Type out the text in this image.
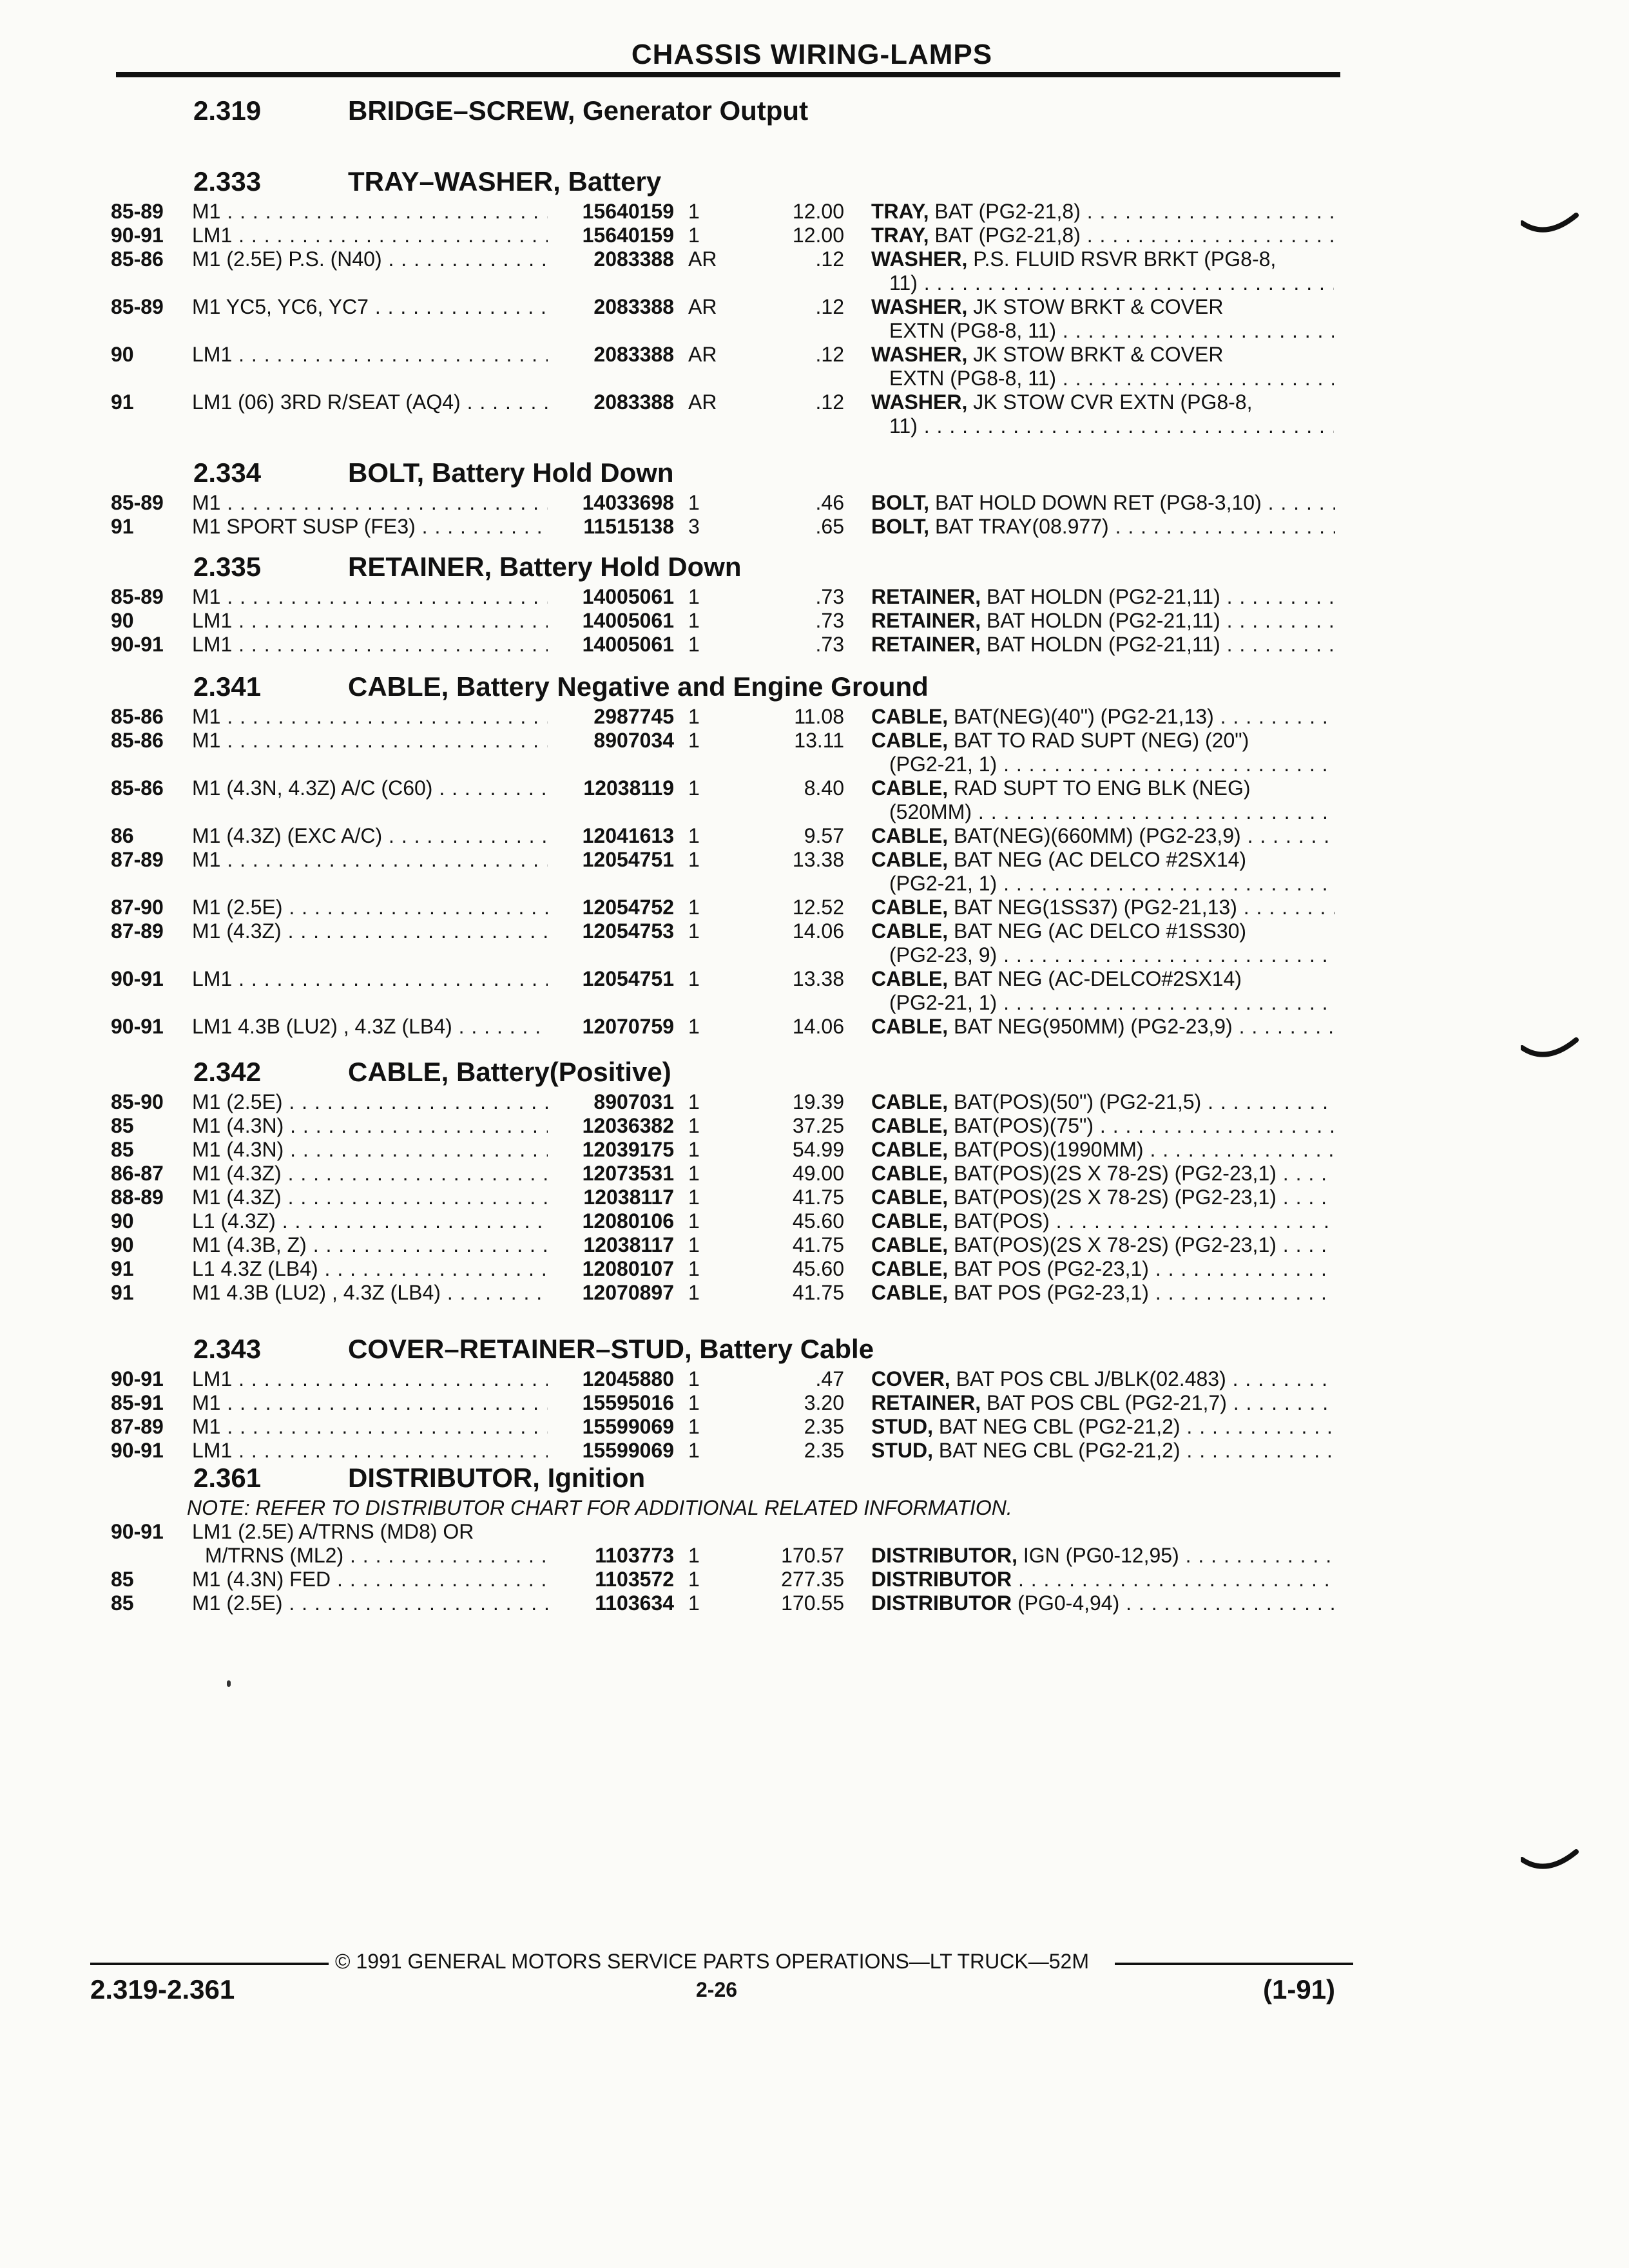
CHASSIS WIRING-LAMPS
2.319	BRIDGE–SCREW, Generator Output
2.333	TRAY–WASHER, Battery
85-89	M1 . . .	15640159 1	12.00 TRAY, BAT (PG2-21,8) . . .
90-91	LM1 . . .	15640159 1	12.00 TRAY, BAT (PG2-21,8) . . .
85-86	M1 (2.5E) P.S. (N40) . . .	2083388 AR	.12 WASHER, P.S. FLUID RSVR BRKT (PG8-8,
11) . . .
85-89	M1 YC5, YC6, YC7 . . .	2083388 AR	.12 WASHER, JK STOW BRKT & COVER
EXTN (PG8-8, 11) . . .
90	LM1 . . .	2083388 AR	.12 WASHER, JK STOW BRKT & COVER
EXTN (PG8-8, 11) . . .
91	LM1 (06) 3RD R/SEAT (AQ4) . . .	2083388 AR	.12 WASHER, JK STOW CVR EXTN (PG8-8,
11) . . .
2.334	BOLT, Battery Hold Down
85-89	M1 . . .	14033698 1	.46 BOLT, BAT HOLD DOWN RET (PG8-3,10) . . .
91	M1 SPORT SUSP (FE3) . . .	11515138 3	.65 BOLT, BAT TRAY(08.977) . . .
2.335	RETAINER, Battery Hold Down
85-89	M1 . . .	14005061 1	.73 RETAINER, BAT HOLDN (PG2-21,11) . . .
90	LM1 . . .	14005061 1	.73 RETAINER, BAT HOLDN (PG2-21,11) . . .
90-91	LM1 . . .	14005061 1	.73 RETAINER, BAT HOLDN (PG2-21,11) . . .
2.341	CABLE, Battery Negative and Engine Ground
85-86	M1 . . .	2987745 1	11.08 CABLE, BAT(NEG)(40") (PG2-21,13) . . .
85-86	M1 . . .	8907034 1	13.11 CABLE, BAT TO RAD SUPT (NEG) (20")
(PG2-21, 1) . . .
85-86	M1 (4.3N, 4.3Z) A/C (C60) . . .	12038119 1	8.40 CABLE, RAD SUPT TO ENG BLK (NEG)
(520MM) . . .
86	M1 (4.3Z) (EXC A/C) . . .	12041613 1	9.57 CABLE, BAT(NEG)(660MM) (PG2-23,9) . . .
87-89	M1 . . .	12054751 1	13.38 CABLE, BAT NEG (AC DELCO #2SX14)
(PG2-21, 1) . . .
87-90	M1 (2.5E) . . .	12054752 1	12.52 CABLE, BAT NEG(1SS37) (PG2-21,13) . . .
87-89	M1 (4.3Z) . . .	12054753 1	14.06 CABLE, BAT NEG (AC DELCO #1SS30)
(PG2-23, 9) . . .
90-91	LM1 . . .	12054751 1	13.38 CABLE, BAT NEG (AC-DELCO#2SX14)
(PG2-21, 1) . . .
90-91	LM1 4.3B (LU2) , 4.3Z (LB4) . . .	12070759 1	14.06 CABLE, BAT NEG(950MM) (PG2-23,9) . . .
2.342	CABLE, Battery(Positive)
85-90	M1 (2.5E) . . .	8907031 1	19.39 CABLE, BAT(POS)(50") (PG2-21,5) . . .
85	M1 (4.3N) . . .	12036382 1	37.25 CABLE, BAT(POS)(75") . . .
85	M1 (4.3N) . . .	12039175 1	54.99 CABLE, BAT(POS)(1990MM) . . .
86-87	M1 (4.3Z) . . .	12073531 1	49.00 CABLE, BAT(POS)(2S X 78-2S) (PG2-23,1) . . .
88-89	M1 (4.3Z) . . .	12038117 1	41.75 CABLE, BAT(POS)(2S X 78-2S) (PG2-23,1) . . .
90	L1 (4.3Z) . . .	12080106 1	45.60 CABLE, BAT(POS) . . .
90	M1 (4.3B, Z) . . .	12038117 1	41.75 CABLE, BAT(POS)(2S X 78-2S) (PG2-23,1) . . .
91	L1 4.3Z (LB4) . . .	12080107 1	45.60 CABLE, BAT POS (PG2-23,1) . . .
91	M1 4.3B (LU2) , 4.3Z (LB4) . . .	12070897 1	41.75 CABLE, BAT POS (PG2-23,1) . . .
2.343	COVER–RETAINER–STUD, Battery Cable
90-91	LM1 . . .	12045880 1	.47 COVER, BAT POS CBL J/BLK(02.483) . . .
85-91	M1 . . .	15595016 1	3.20 RETAINER, BAT POS CBL (PG2-21,7) . . .
87-89	M1 . . .	15599069 1	2.35 STUD, BAT NEG CBL (PG2-21,2) . . .
90-91	LM1 . . .	15599069 1	2.35 STUD, BAT NEG CBL (PG2-21,2) . . .
2.361	DISTRIBUTOR, Ignition
NOTE: REFER TO DISTRIBUTOR CHART FOR ADDITIONAL RELATED INFORMATION.
90-91	LM1 (2.5E) A/TRNS (MD8) OR
M/TRNS (ML2) . . .	1103773 1	170.57 DISTRIBUTOR, IGN (PG0-12,95) . . .
85	M1 (4.3N) FED . . .	1103572 1	277.35 DISTRIBUTOR . . .
85	M1 (2.5E) . . .	1103634 1	170.55 DISTRIBUTOR (PG0-4,94) . . .
© 1991 GENERAL MOTORS SERVICE PARTS OPERATIONS—LT TRUCK—52M
2.319-2.361	2-26	(1-91)
